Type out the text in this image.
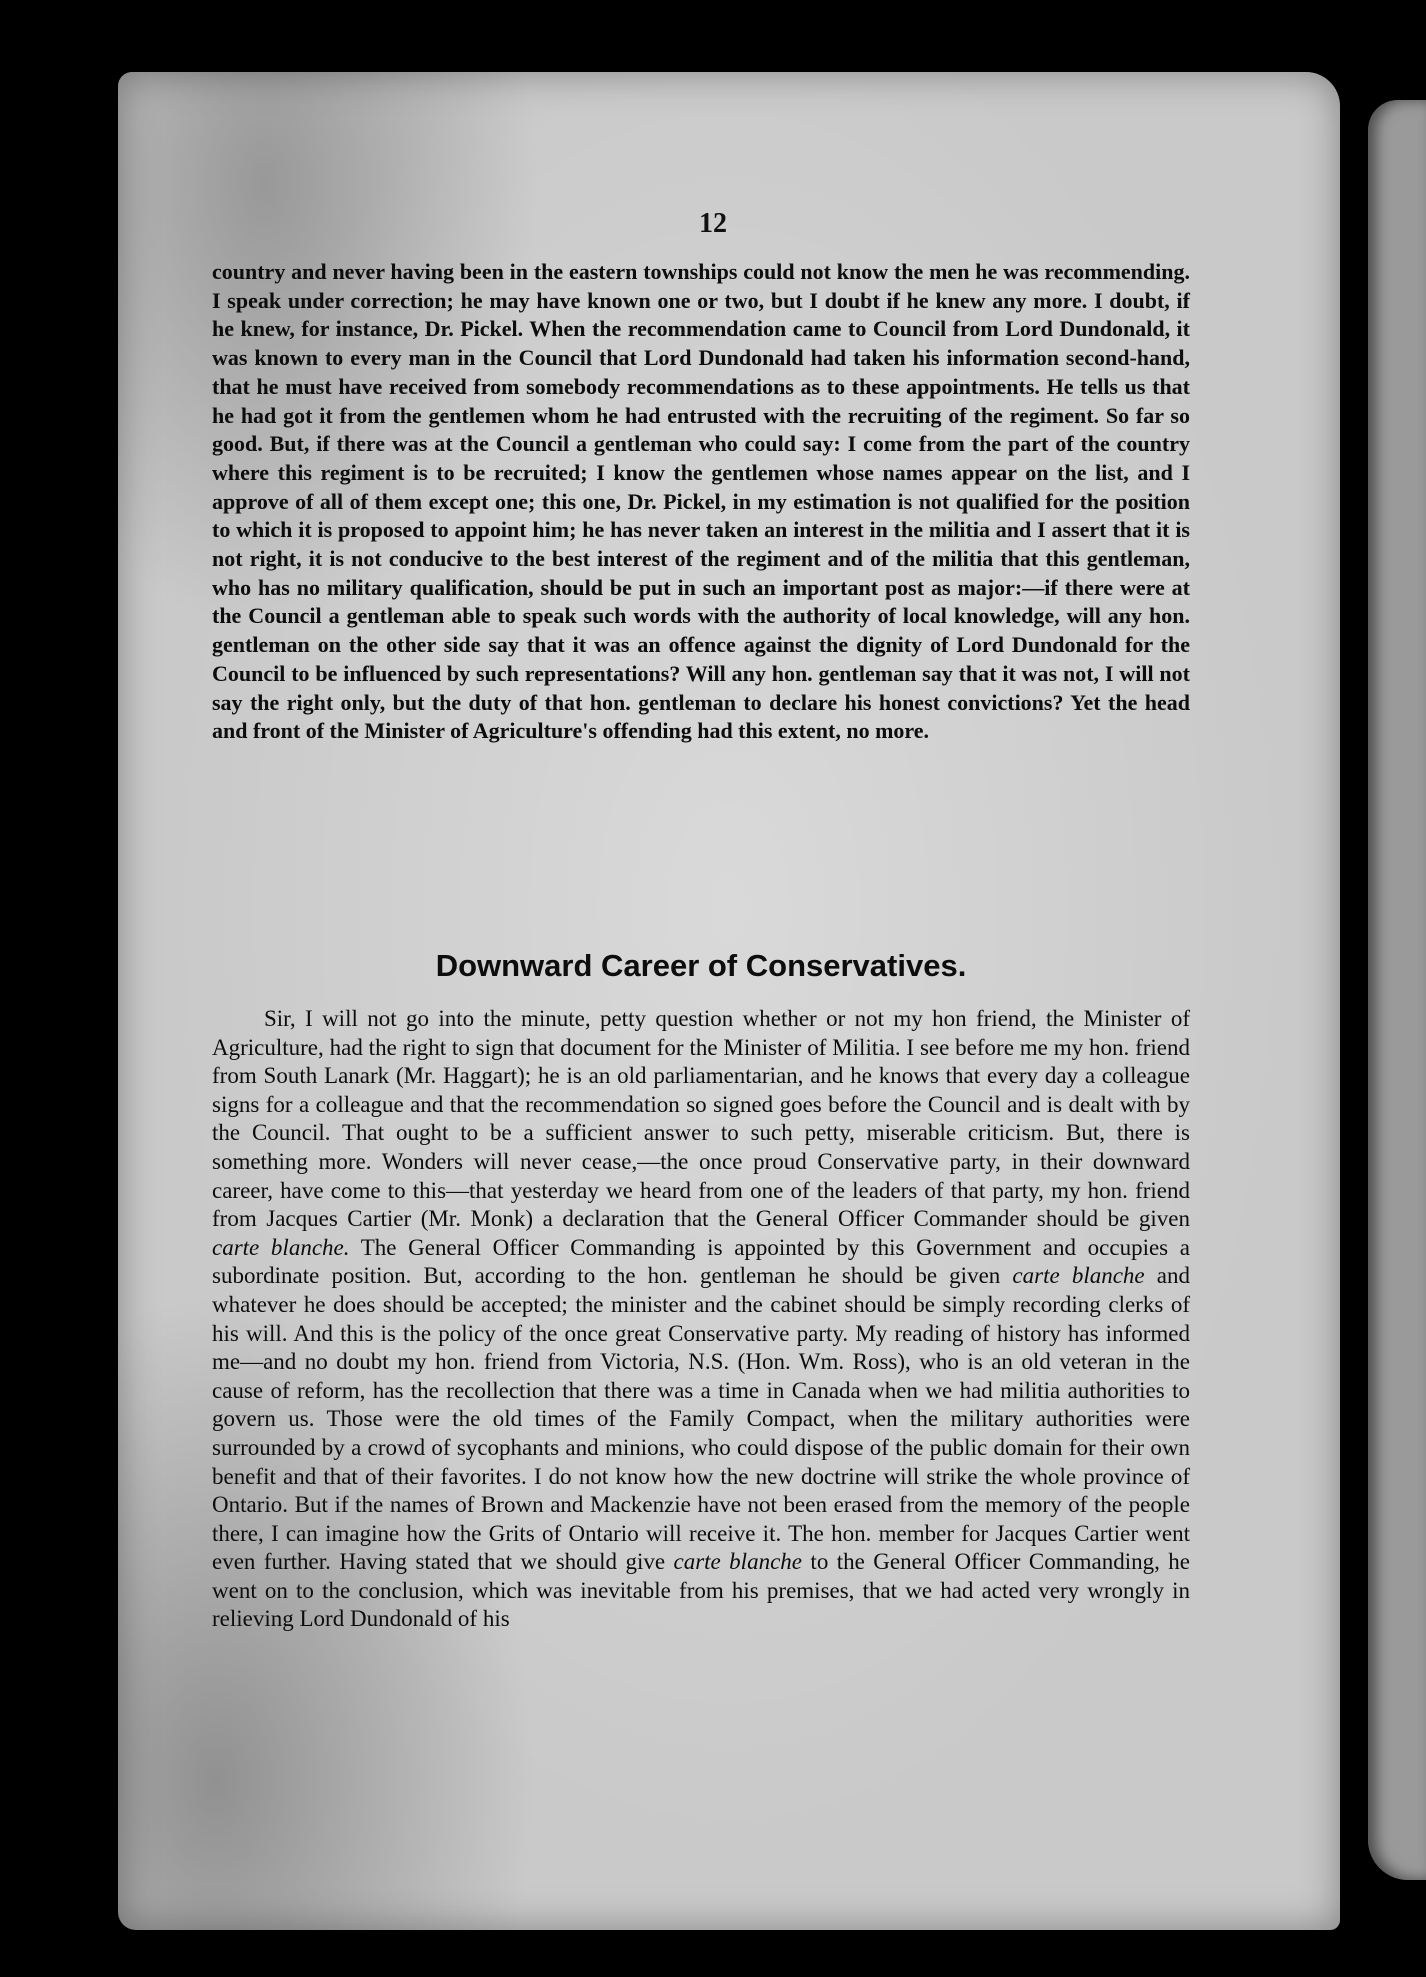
12
country and never having been in the eastern townships could not know the men he was recommending. I speak under correction; he may have known one or two, but I doubt if he knew any more. I doubt, if he knew, for instance, Dr. Pickel. When the recommendation came to Council from Lord Dundonald, it was known to every man in the Council that Lord Dundonald had taken his information second-hand, that he must have received from somebody recommendations as to these appointments. He tells us that he had got it from the gentlemen whom he had entrusted with the recruiting of the regiment. So far so good. But, if there was at the Council a gentleman who could say: I come from the part of the country where this regiment is to be recruited; I know the gentlemen whose names appear on the list, and I approve of all of them except one; this one, Dr. Pickel, in my estimation is not qualified for the position to which it is proposed to appoint him; he has never taken an interest in the militia and I assert that it is not right, it is not conducive to the best interest of the regiment and of the militia that this gentleman, who has no military qualification, should be put in such an important post as major:—if there were at the Council a gentleman able to speak such words with the authority of local knowledge, will any hon. gentleman on the other side say that it was an offence against the dignity of Lord Dundonald for the Council to be influenced by such representations? Will any hon. gentleman say that it was not, I will not say the right only, but the duty of that hon. gentleman to declare his honest convictions? Yet the head and front of the Minister of Agriculture's offending had this extent, no more.
Downward Career of Conservatives.
Sir, I will not go into the minute, petty question whether or not my hon friend, the Minister of Agriculture, had the right to sign that document for the Minister of Militia. I see before me my hon. friend from South Lanark (Mr. Haggart); he is an old parliamentarian, and he knows that every day a colleague signs for a colleague and that the recommendation so signed goes before the Council and is dealt with by the Council. That ought to be a sufficient answer to such petty, miserable criticism. But, there is something more. Wonders will never cease,—the once proud Conservative party, in their downward career, have come to this—that yesterday we heard from one of the leaders of that party, my hon. friend from Jacques Cartier (Mr. Monk) a declaration that the General Officer Commander should be given carte blanche. The General Officer Commanding is appointed by this Government and occupies a subordinate position. But, according to the hon. gentleman he should be given carte blanche and whatever he does should be accepted; the minister and the cabinet should be simply recording clerks of his will. And this is the policy of the once great Conservative party. My reading of history has informed me—and no doubt my hon. friend from Victoria, N.S. (Hon. Wm. Ross), who is an old veteran in the cause of reform, has the recollection that there was a time in Canada when we had militia authorities to govern us. Those were the old times of the Family Compact, when the military authorities were surrounded by a crowd of sycophants and minions, who could dispose of the public domain for their own benefit and that of their favorites. I do not know how the new doctrine will strike the whole province of Ontario. But if the names of Brown and Mackenzie have not been erased from the memory of the people there, I can imagine how the Grits of Ontario will receive it. The hon. member for Jacques Cartier went even further. Having stated that we should give carte blanche to the General Officer Commanding, he went on to the conclusion, which was inevitable from his premises, that we had acted very wrongly in relieving Lord Dundonald of his
